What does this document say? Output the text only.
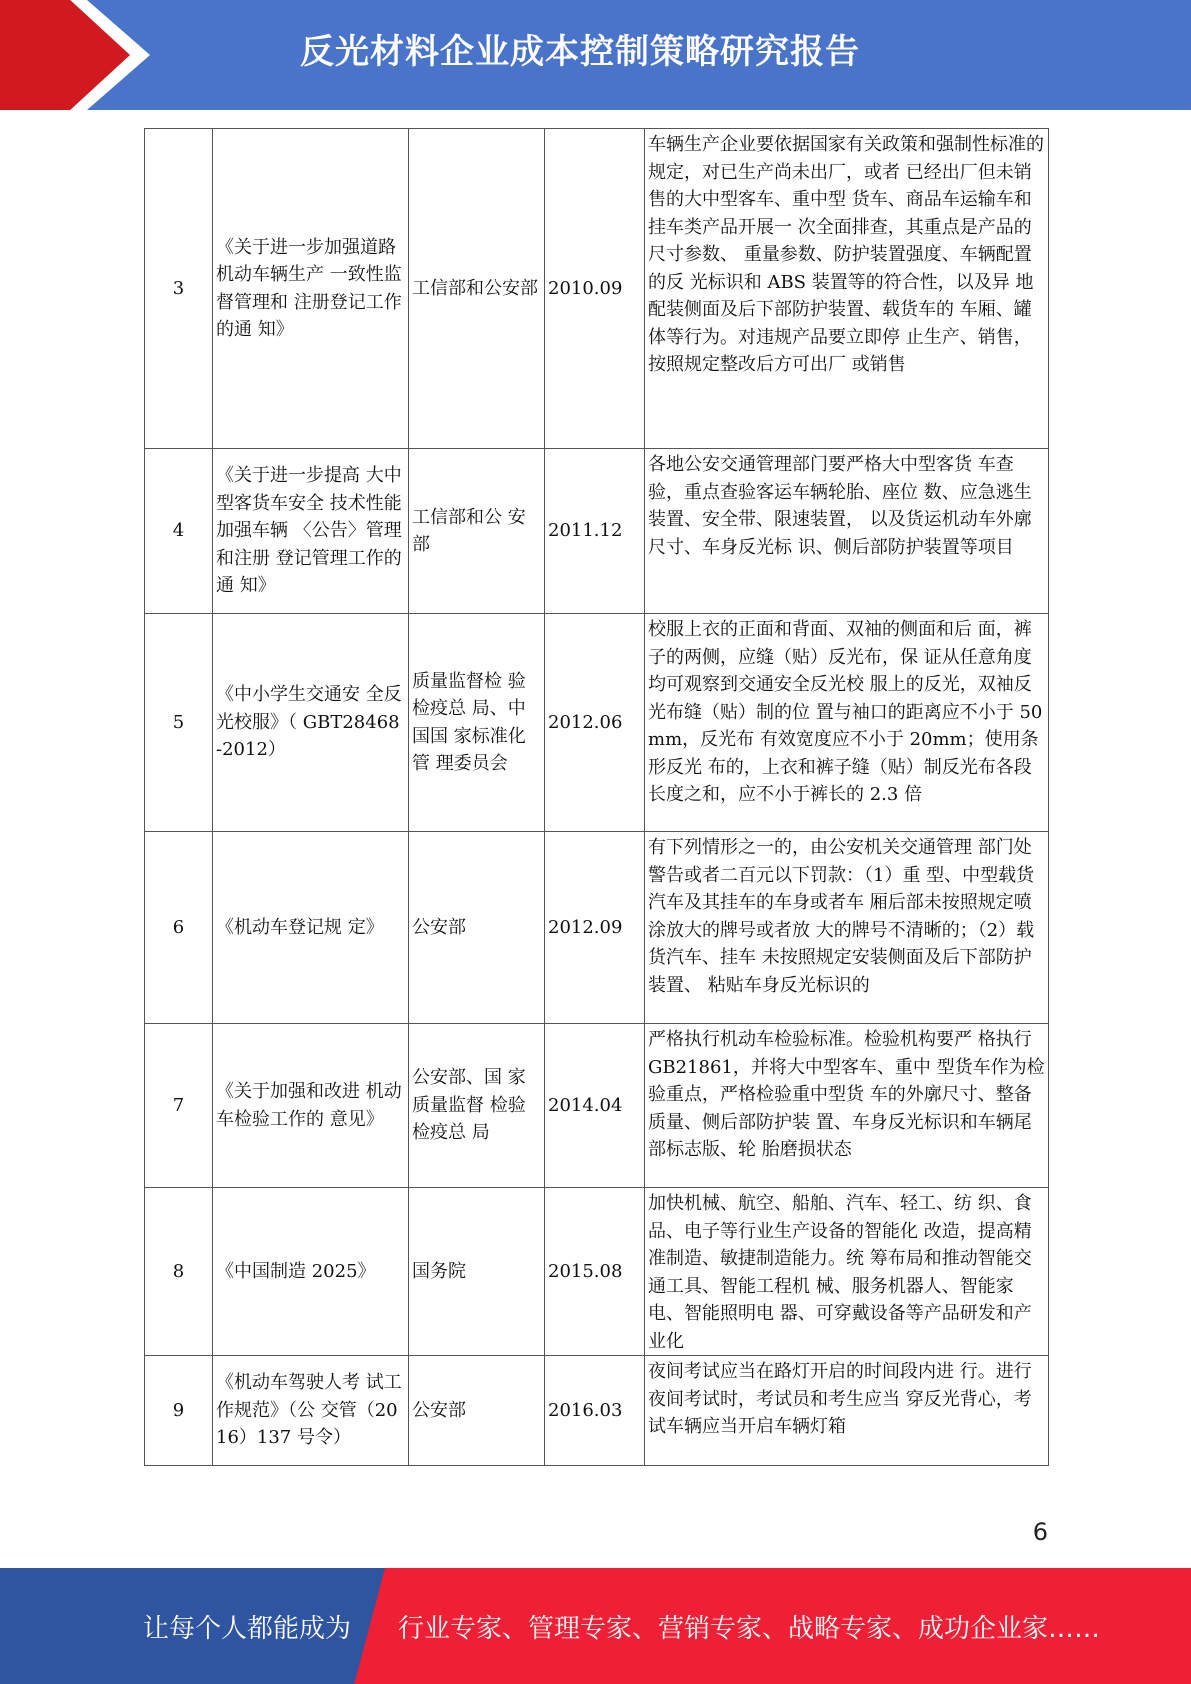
反光材料企业成本控制策略研究报告
3	《关于进一步加强道路机动车辆生产 一致性监督管理和 注册登记工作的通 知》	工信部和公安部	2010.09	车辆生产企业要依据国家有关政策和强制性标准的规定，对已生产尚未出厂，或者 已经出厂但未销售的大中型客车、重中型 货车、商品车运输车和挂车类产品开展一 次全面排查，其重点是产品的尺寸参数、 重量参数、防护装置强度、车辆配置的反 光标识和 ABS 装置等的符合性，以及异 地配装侧面及后下部防护装置、载货车的 车厢、罐体等行为。对违规产品要立即停 止生产、销售，按照规定整改后方可出厂 或销售
4	《关于进一步提高 大中型客货车安全 技术性能加强车辆 〈公告〉管理和注册 登记管理工作的通 知》	工信部和公 安部	2011.12	各地公安交通管理部门要严格大中型客货 车查验，重点查验客运车辆轮胎、座位 数、应急逃生装置、安全带、限速装置， 以及货运机动车外廓尺寸、车身反光标 识、侧后部防护装置等项目
5	《中小学生交通安 全反光校服》（ GBT28468-2012）	质量监督检 验检疫总 局、中国国 家标准化管 理委员会	2012.06	校服上衣的正面和背面、双袖的侧面和后 面，裤子的两侧，应缝（贴）反光布，保 证从任意角度均可观察到交通安全反光校 服上的反光，双袖反光布缝（贴）制的位 置与袖口的距离应不小于 50mm，反光布 有效宽度应不小于 20mm；使用条形反光 布的，上衣和裤子缝（贴）制反光布各段 长度之和，应不小于裤长的 2.3 倍
6	《机动车登记规 定》	公安部	2012.09	有下列情形之一的，由公安机关交通管理 部门处警告或者二百元以下罚款：（1）重 型、中型载货汽车及其挂车的车身或者车 厢后部未按照规定喷涂放大的牌号或者放 大的牌号不清晰的；（2）载货汽车、挂车 未按照规定安装侧面及后下部防护装置、 粘贴车身反光标识的
7	《关于加强和改进 机动车检验工作的 意见》	公安部、国 家质量监督 检验检疫总 局	2014.04	严格执行机动车检验标准。检验机构要严 格执行 GB21861，并将大中型客车、重中 型货车作为检验重点，严格检验重中型货 车的外廓尺寸、整备质量、侧后部防护装 置、车身反光标识和车辆尾部标志版、轮 胎磨损状态
8	《中国制造 2025》	国务院	2015.08	加快机械、航空、船舶、汽车、轻工、纺 织、食品、电子等行业生产设备的智能化 改造，提高精准制造、敏捷制造能力。统 筹布局和推动智能交通工具、智能工程机 械、服务机器人、智能家电、智能照明电 器、可穿戴设备等产品研发和产业化
9	《机动车驾驶人考 试工作规范》（公 交管（2016）137 号令）	公安部	2016.03	夜间考试应当在路灯开启的时间段内进 行。进行夜间考试时，考试员和考生应当 穿反光背心，考试车辆应当开启车辆灯箱
6
让每个人都能成为 行业专家、管理专家、营销专家、战略专家、成功企业家……
